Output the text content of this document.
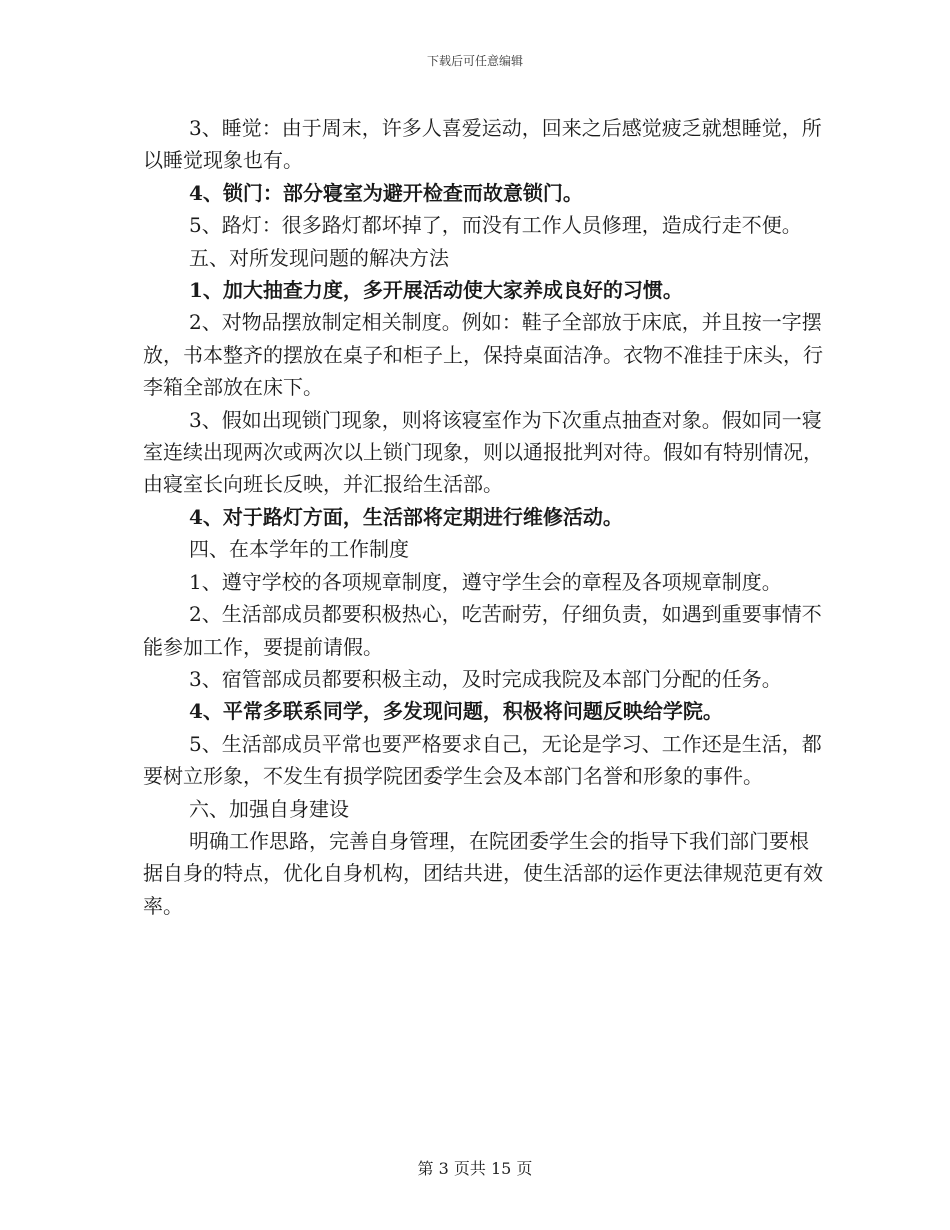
下载后可任意编辑

3、睡觉：由于周末，许多人喜爱运动，回来之后感觉疲乏就想睡觉，所以睡觉现象也有。

4、锁门：部分寝室为避开检查而故意锁门。

5、路灯：很多路灯都坏掉了，而没有工作人员修理，造成行走不便。

五、对所发现问题的解决方法

1、加大抽查力度，多开展活动使大家养成良好的习惯。

2、对物品摆放制定相关制度。例如：鞋子全部放于床底，并且按一字摆放，书本整齐的摆放在桌子和柜子上，保持桌面洁净。衣物不准挂于床头，行李箱全部放在床下。

3、假如出现锁门现象，则将该寝室作为下次重点抽查对象。假如同一寝室连续出现两次或两次以上锁门现象，则以通报批判对待。假如有特别情况，由寝室长向班长反映，并汇报给生活部。

4、对于路灯方面，生活部将定期进行维修活动。

四、在本学年的工作制度

1、遵守学校的各项规章制度，遵守学生会的章程及各项规章制度。

2、生活部成员都要积极热心，吃苦耐劳，仔细负责，如遇到重要事情不能参加工作，要提前请假。

3、宿管部成员都要积极主动，及时完成我院及本部门分配的任务。

4、平常多联系同学，多发现问题，积极将问题反映给学院。

5、生活部成员平常也要严格要求自己，无论是学习、工作还是生活，都要树立形象，不发生有损学院团委学生会及本部门名誉和形象的事件。

六、加强自身建设

明确工作思路，完善自身管理，在院团委学生会的指导下我们部门要根据自身的特点，优化自身机构，团结共进，使生活部的运作更法律规范更有效率。

第 3 页共 15 页
